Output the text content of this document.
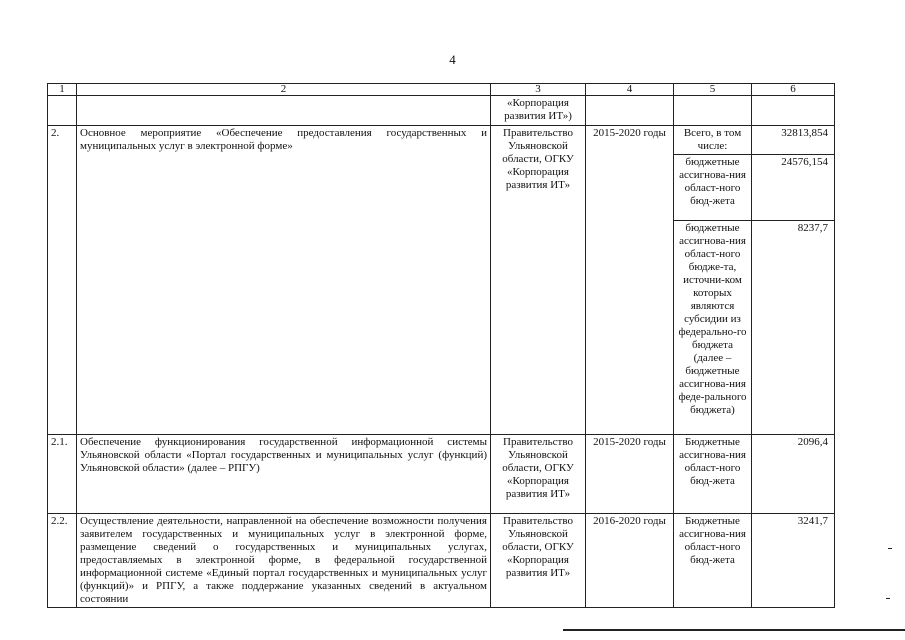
4
1	2	3	4	5	6
		«Корпорация развития ИТ»)			
2.	Основное мероприятие «Обеспечение предоставления государственных и муниципальных услуг в электронной форме»	Правительство Ульяновской области, ОГКУ «Корпорация развития ИТ»	2015-2020 годы	Всего, в том числе:	32813,854
				бюджетные ассигнова-ния област-ного бюд-жета	24576,154
				бюджетные ассигнова-ния област-ного бюдже-та, источни-ком которых являются субсидии из федерально-го бюджета (далее – бюджетные ассигнова-ния феде-рального бюджета)	8237,7
2.1.	Обеспечение функционирования государственной информационной системы Ульяновской области «Портал государственных и муниципальных услуг (функций) Ульяновской области» (далее – РПГУ)	Правительство Ульяновской области, ОГКУ «Корпорация развития ИТ»	2015-2020 годы	Бюджетные ассигнова-ния област-ного бюд-жета	2096,4
2.2.	Осуществление деятельности, направленной на обеспечение возможности получения заявителем государственных и муниципальных услуг в электронной форме, размещение сведений о государственных и муниципальных услугах, предоставляемых в электронной форме, в федеральной государственной информационной системе «Единый портал государственных и муниципальных услуг (функций)» и РПГУ, а также поддержание указанных сведений в актуальном состоянии	Правительство Ульяновской области, ОГКУ «Корпорация развития ИТ»	2016-2020 годы	Бюджетные ассигнова-ния област-ного бюд-жета	3241,7
